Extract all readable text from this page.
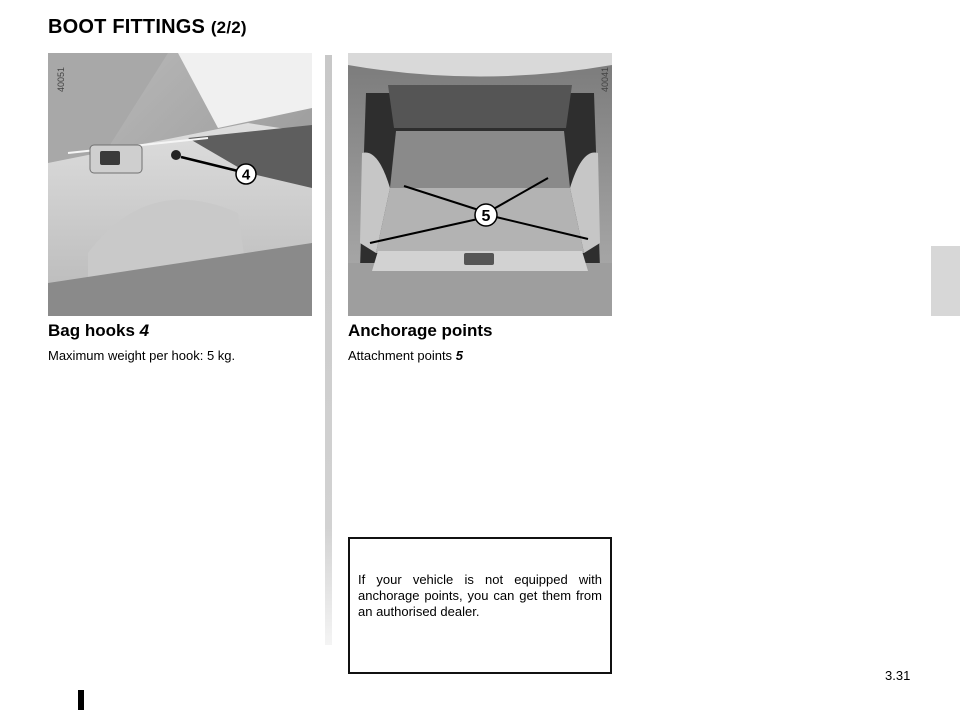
BOOT FITTINGS (2/2)
4
40051
5
40041
Bag hooks 4

Maximum weight per hook: 5 kg.

Anchorage points

Attachment points 5

If your vehicle is not equipped with anchorage points, you can get them from an authorised dealer.
3.31
